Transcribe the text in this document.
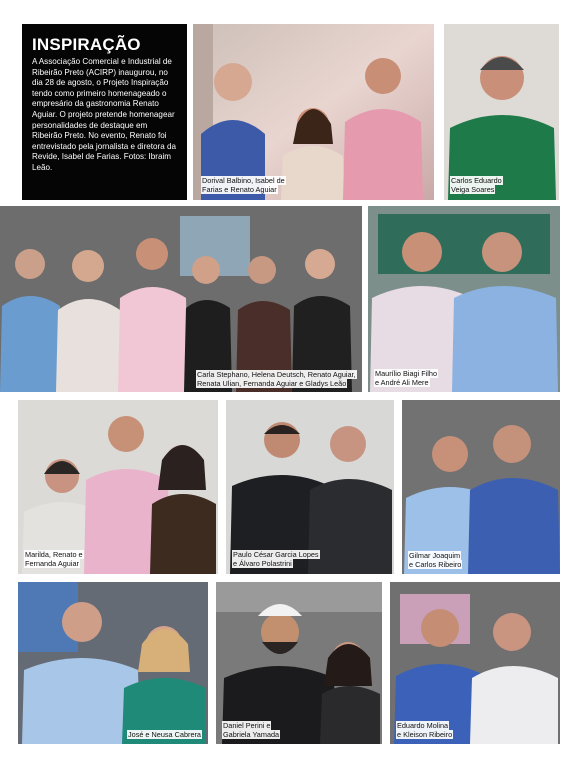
INSPIRAÇÃO

A Associação Comercial e Industrial de Ribeirão Preto (ACIRP) inaugurou, no dia 28 de agosto, o Projeto Inspiração tendo como primeiro homenageado o empresário da gastronomia Renato Aguiar. O projeto pretende homenagear personalidades de destaque em Ribeirão Preto. No evento, Renato foi entrevistado pela jornalista e diretora da Revide, Isabel de Farias. Fotos: Ibraim Leão.

Dorival Balbino, Isabel de
Farias e Renato Aguiar
Carlos Eduardo
Veiga Soares
Carla Stephano, Helena Deutsch, Renato Aguiar,
Renata Ulian, Fernanda Aguiar e Gladys Leão
Maurílio Biagi Filho
e André Ali Mere
Marilda, Renato e
Fernanda Aguiar
Paulo César Garcia Lopes
e Álvaro Polastrini
Gilmar Joaquim
e Carlos Ribeiro
José e Neusa Cabrera
Daniel Perini e
Gabriela Yamada
Eduardo Molina
e Kleison Ribeiro
